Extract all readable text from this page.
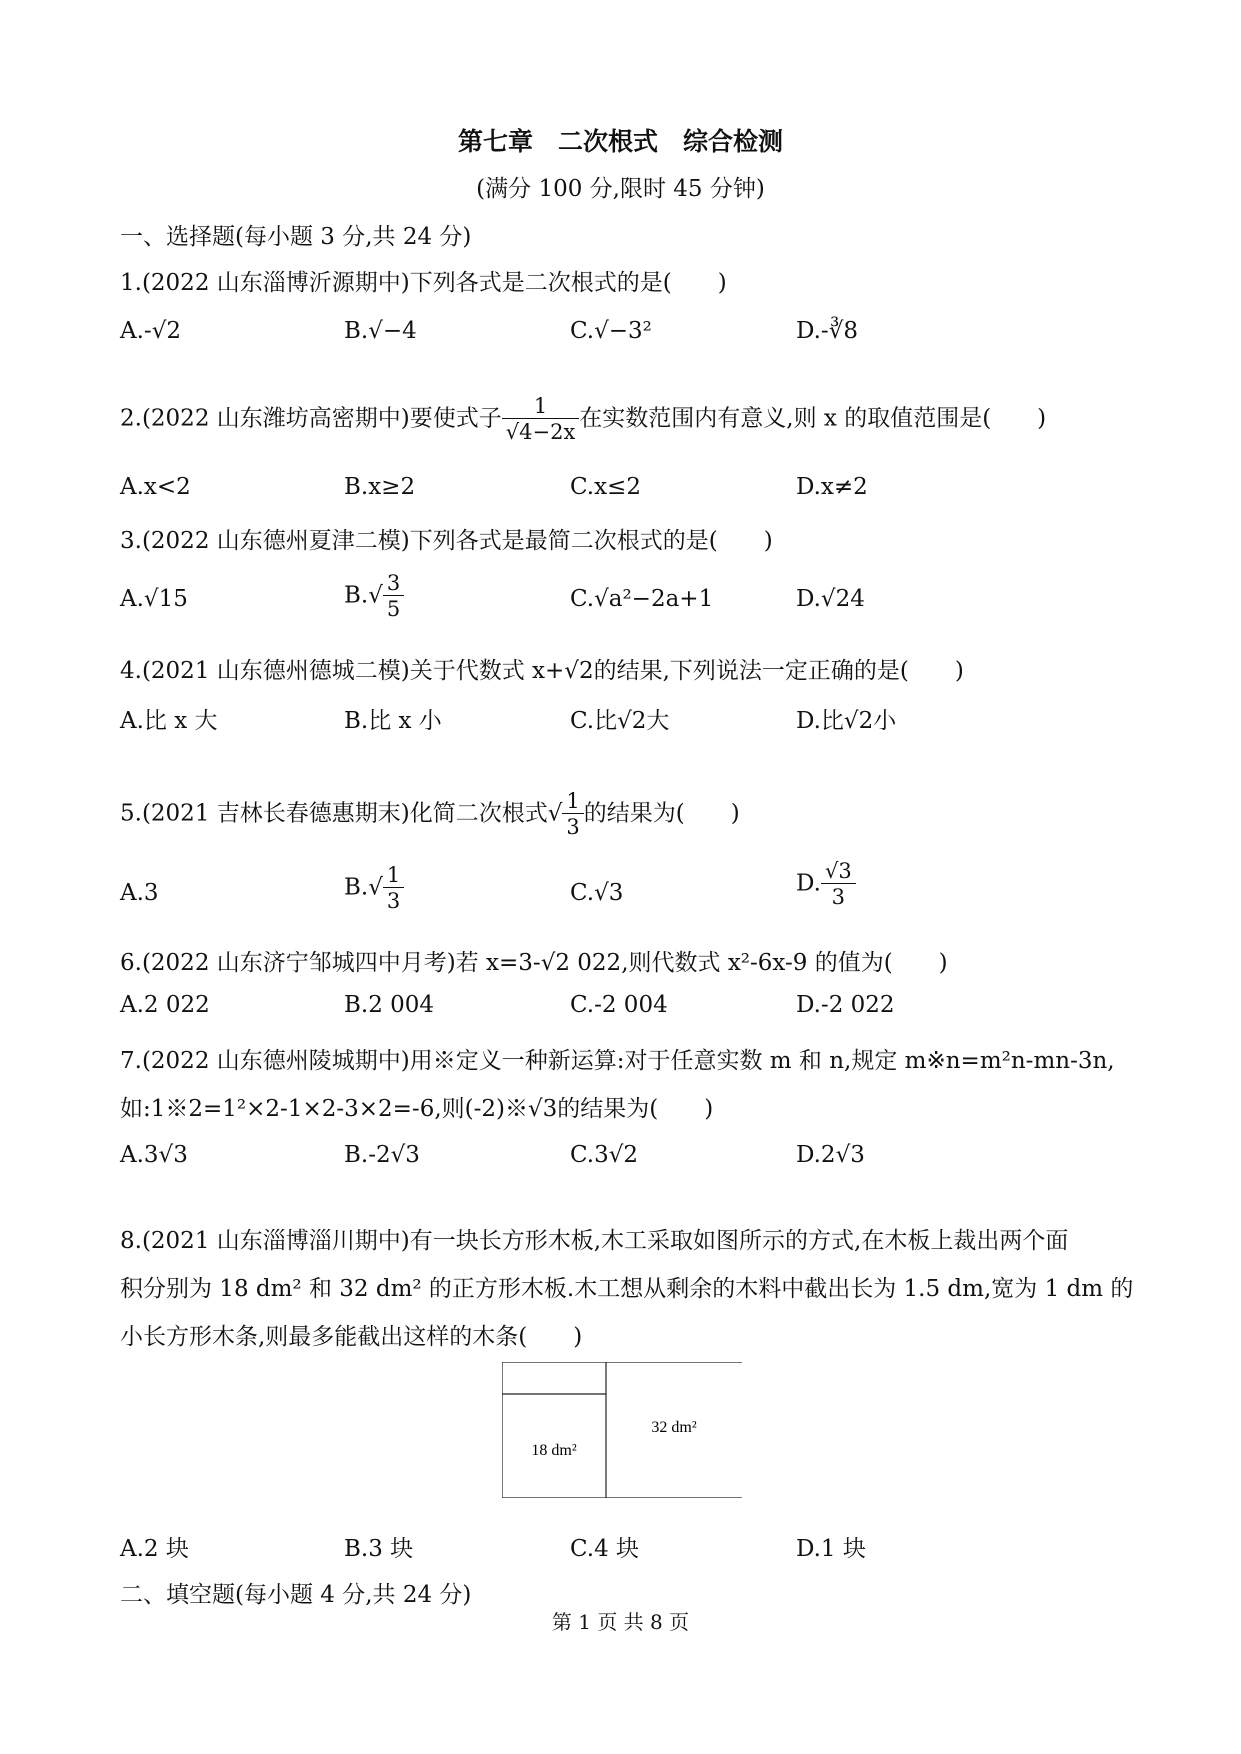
第七章　二次根式　综合检测
(满分 100 分,限时 45 分钟)
一、选择题(每小题 3 分,共 24 分)
1.(2022 山东淄博沂源期中)下列各式是二次根式的是(　　)
A.-√2	B.√−4	C.√−3²	D.-∛8
2.(2022 山东潍坊高密期中)要使式子 $\frac{1}{√4-2x}$ 在实数范围内有意义,则 x 的取值范围是(　　)
A.x<2	B.x≥2	C.x≤2	D.x≠2
3.(2022 山东德州夏津二模)下列各式是最简二次根式的是(　　)
A.√15	$B.√ \frac{3}{5}$	C.√a²−2a+1	D.√24
4.(2021 山东德州德城二模)关于代数式 x+√2的结果,下列说法一定正确的是(　　)
A.比 x 大	B.比 x 小	C.比√2大	D.比√2小
5.(2021 吉林长春德惠期末)化简二次根式√ $\frac{1}{3}$ 的结果为(　　)
A.3	$B.√ \frac{1}{3}$	C.√3	D. $\frac{√3}{3}$
6.(2022 山东济宁邹城四中月考)若 x=3-√2 022,则代数式 x²-6x-9 的值为(　　)
A.2 022	B.2 004	C.-2 004	D.-2 022
7.(2022 山东德州陵城期中)用※定义一种新运算:对于任意实数 m 和 n,规定 m※n=m²n-mn-3n,
如:1※2=1²×2-1×2-3×2=-6,则(-2)※√3的结果为(　　)
A.3√3	B.-2√3	C.3√2	D.2√3
8.(2021 山东淄博淄川期中)有一块长方形木板,木工采取如图所示的方式,在木板上裁出两个面
积分别为 18 dm² 和 32 dm² 的正方形木板.木工想从剩余的木料中截出长为 1.5 dm,宽为 1 dm 的
小长方形木条,则最多能截出这样的木条(　　)
18 dm²
32 dm²
A.2 块	B.3 块	C.4 块	D.1 块
二、填空题(每小题 4 分,共 24 分)
第 1 页 共 8 页
